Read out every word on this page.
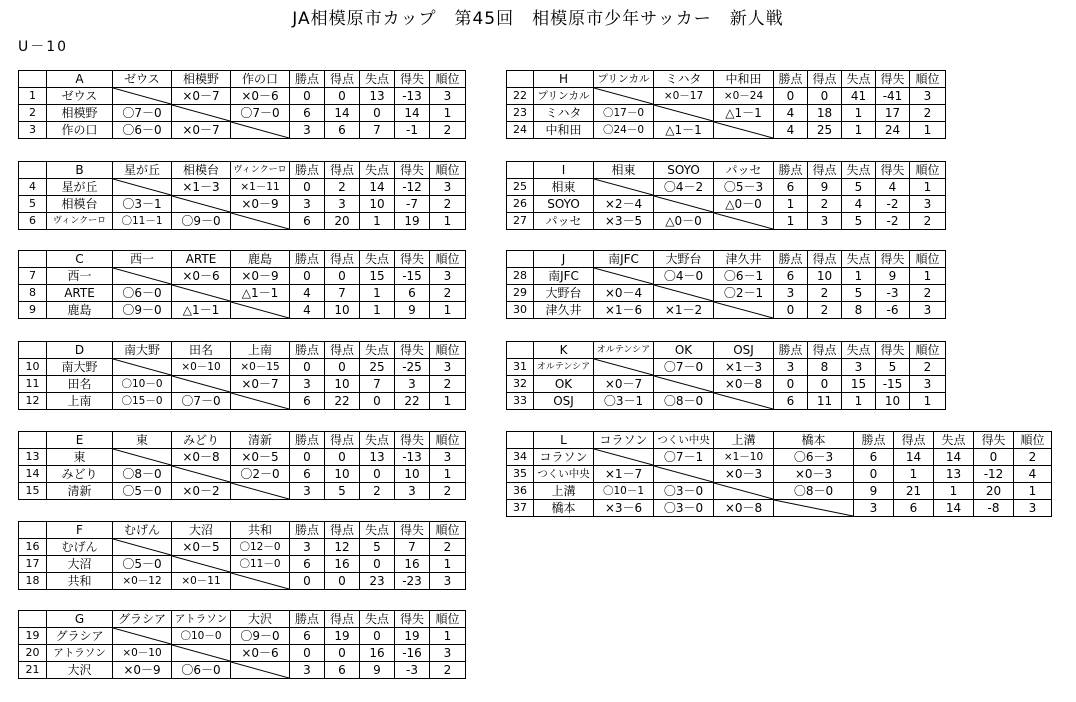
JA相模原市カップ　第45回　相模原市少年サッカー　新人戦
U－10
	A	ゼウス	相模野	作の口	勝点	得点	失点	得失	順位
1	ゼウス		×0－7	×0－6	0	0	13	-13	3
2	相模野	〇7－0		〇7－0	6	14	0	14	1
3	作の口	〇6－0	×0－7		3	6	7	-1	2
	B	星が丘	相模台	ヴィンクーロ	勝点	得点	失点	得失	順位
4	星が丘		×1－3	×1－11	0	2	14	-12	3
5	相模台	〇3－1		×0－9	3	3	10	-7	2
6	ヴィンクーロ	〇11－1	〇9－0		6	20	1	19	1
	C	西一	ARTE	鹿島	勝点	得点	失点	得失	順位
7	西一		×0－6	×0－9	0	0	15	-15	3
8	ARTE	〇6－0		△1－1	4	7	1	6	2
9	鹿島	〇9－0	△1－1		4	10	1	9	1
	D	南大野	田名	上南	勝点	得点	失点	得失	順位
10	南大野		×0－10	×0－15	0	0	25	-25	3
11	田名	〇10－0		×0－7	3	10	7	3	2
12	上南	〇15－0	〇7－0		6	22	0	22	1
	E	東	みどり	清新	勝点	得点	失点	得失	順位
13	東		×0－8	×0－5	0	0	13	-13	3
14	みどり	〇8－0		〇2－0	6	10	0	10	1
15	清新	〇5－0	×0－2		3	5	2	3	2
	F	むげん	大沼	共和	勝点	得点	失点	得失	順位
16	むげん		×0－5	〇12－0	3	12	5	7	2
17	大沼	〇5－0		〇11－0	6	16	0	16	1
18	共和	×0－12	×0－11		0	0	23	-23	3
	G	グラシア	アトラソン	大沢	勝点	得点	失点	得失	順位
19	グラシア		〇10－0	〇9－0	6	19	0	19	1
20	アトラソン	×0－10		×0－6	0	0	16	-16	3
21	大沢	×0－9	〇6－0		3	6	9	-3	2
	H	プリンカル	ミハタ	中和田	勝点	得点	失点	得失	順位
22	プリンカル		×0－17	×0－24	0	0	41	-41	3
23	ミハタ	〇17－0		△1－1	4	18	1	17	2
24	中和田	〇24－0	△1－1		4	25	1	24	1
	I	相東	SOYO	パッセ	勝点	得点	失点	得失	順位
25	相東		〇4－2	〇5－3	6	9	5	4	1
26	SOYO	×2－4		△0－0	1	2	4	-2	3
27	パッセ	×3－5	△0－0		1	3	5	-2	2
	J	南JFC	大野台	津久井	勝点	得点	失点	得失	順位
28	南JFC		〇4－0	〇6－1	6	10	1	9	1
29	大野台	×0－4		〇2－1	3	2	5	-3	2
30	津久井	×1－6	×1－2		0	2	8	-6	3
	K	オルテンシア	OK	OSJ	勝点	得点	失点	得失	順位
31	オルテンシア		〇7－0	×1－3	3	8	3	5	2
32	OK	×0－7		×0－8	0	0	15	-15	3
33	OSJ	〇3－1	〇8－0		6	11	1	10	1
	L	コラソン	つくい中央	上溝	橋本	勝点	得点	失点	得失	順位
34	コラソン		〇7－1	×1－10	〇6－3	6	14	14	0	2
35	つくい中央	×1－7		×0－3	×0－3	0	1	13	-12	4
36	上溝	〇10－1	〇3－0		〇8－0	9	21	1	20	1
37	橋本	×3－6	〇3－0	×0－8		3	6	14	-8	3
